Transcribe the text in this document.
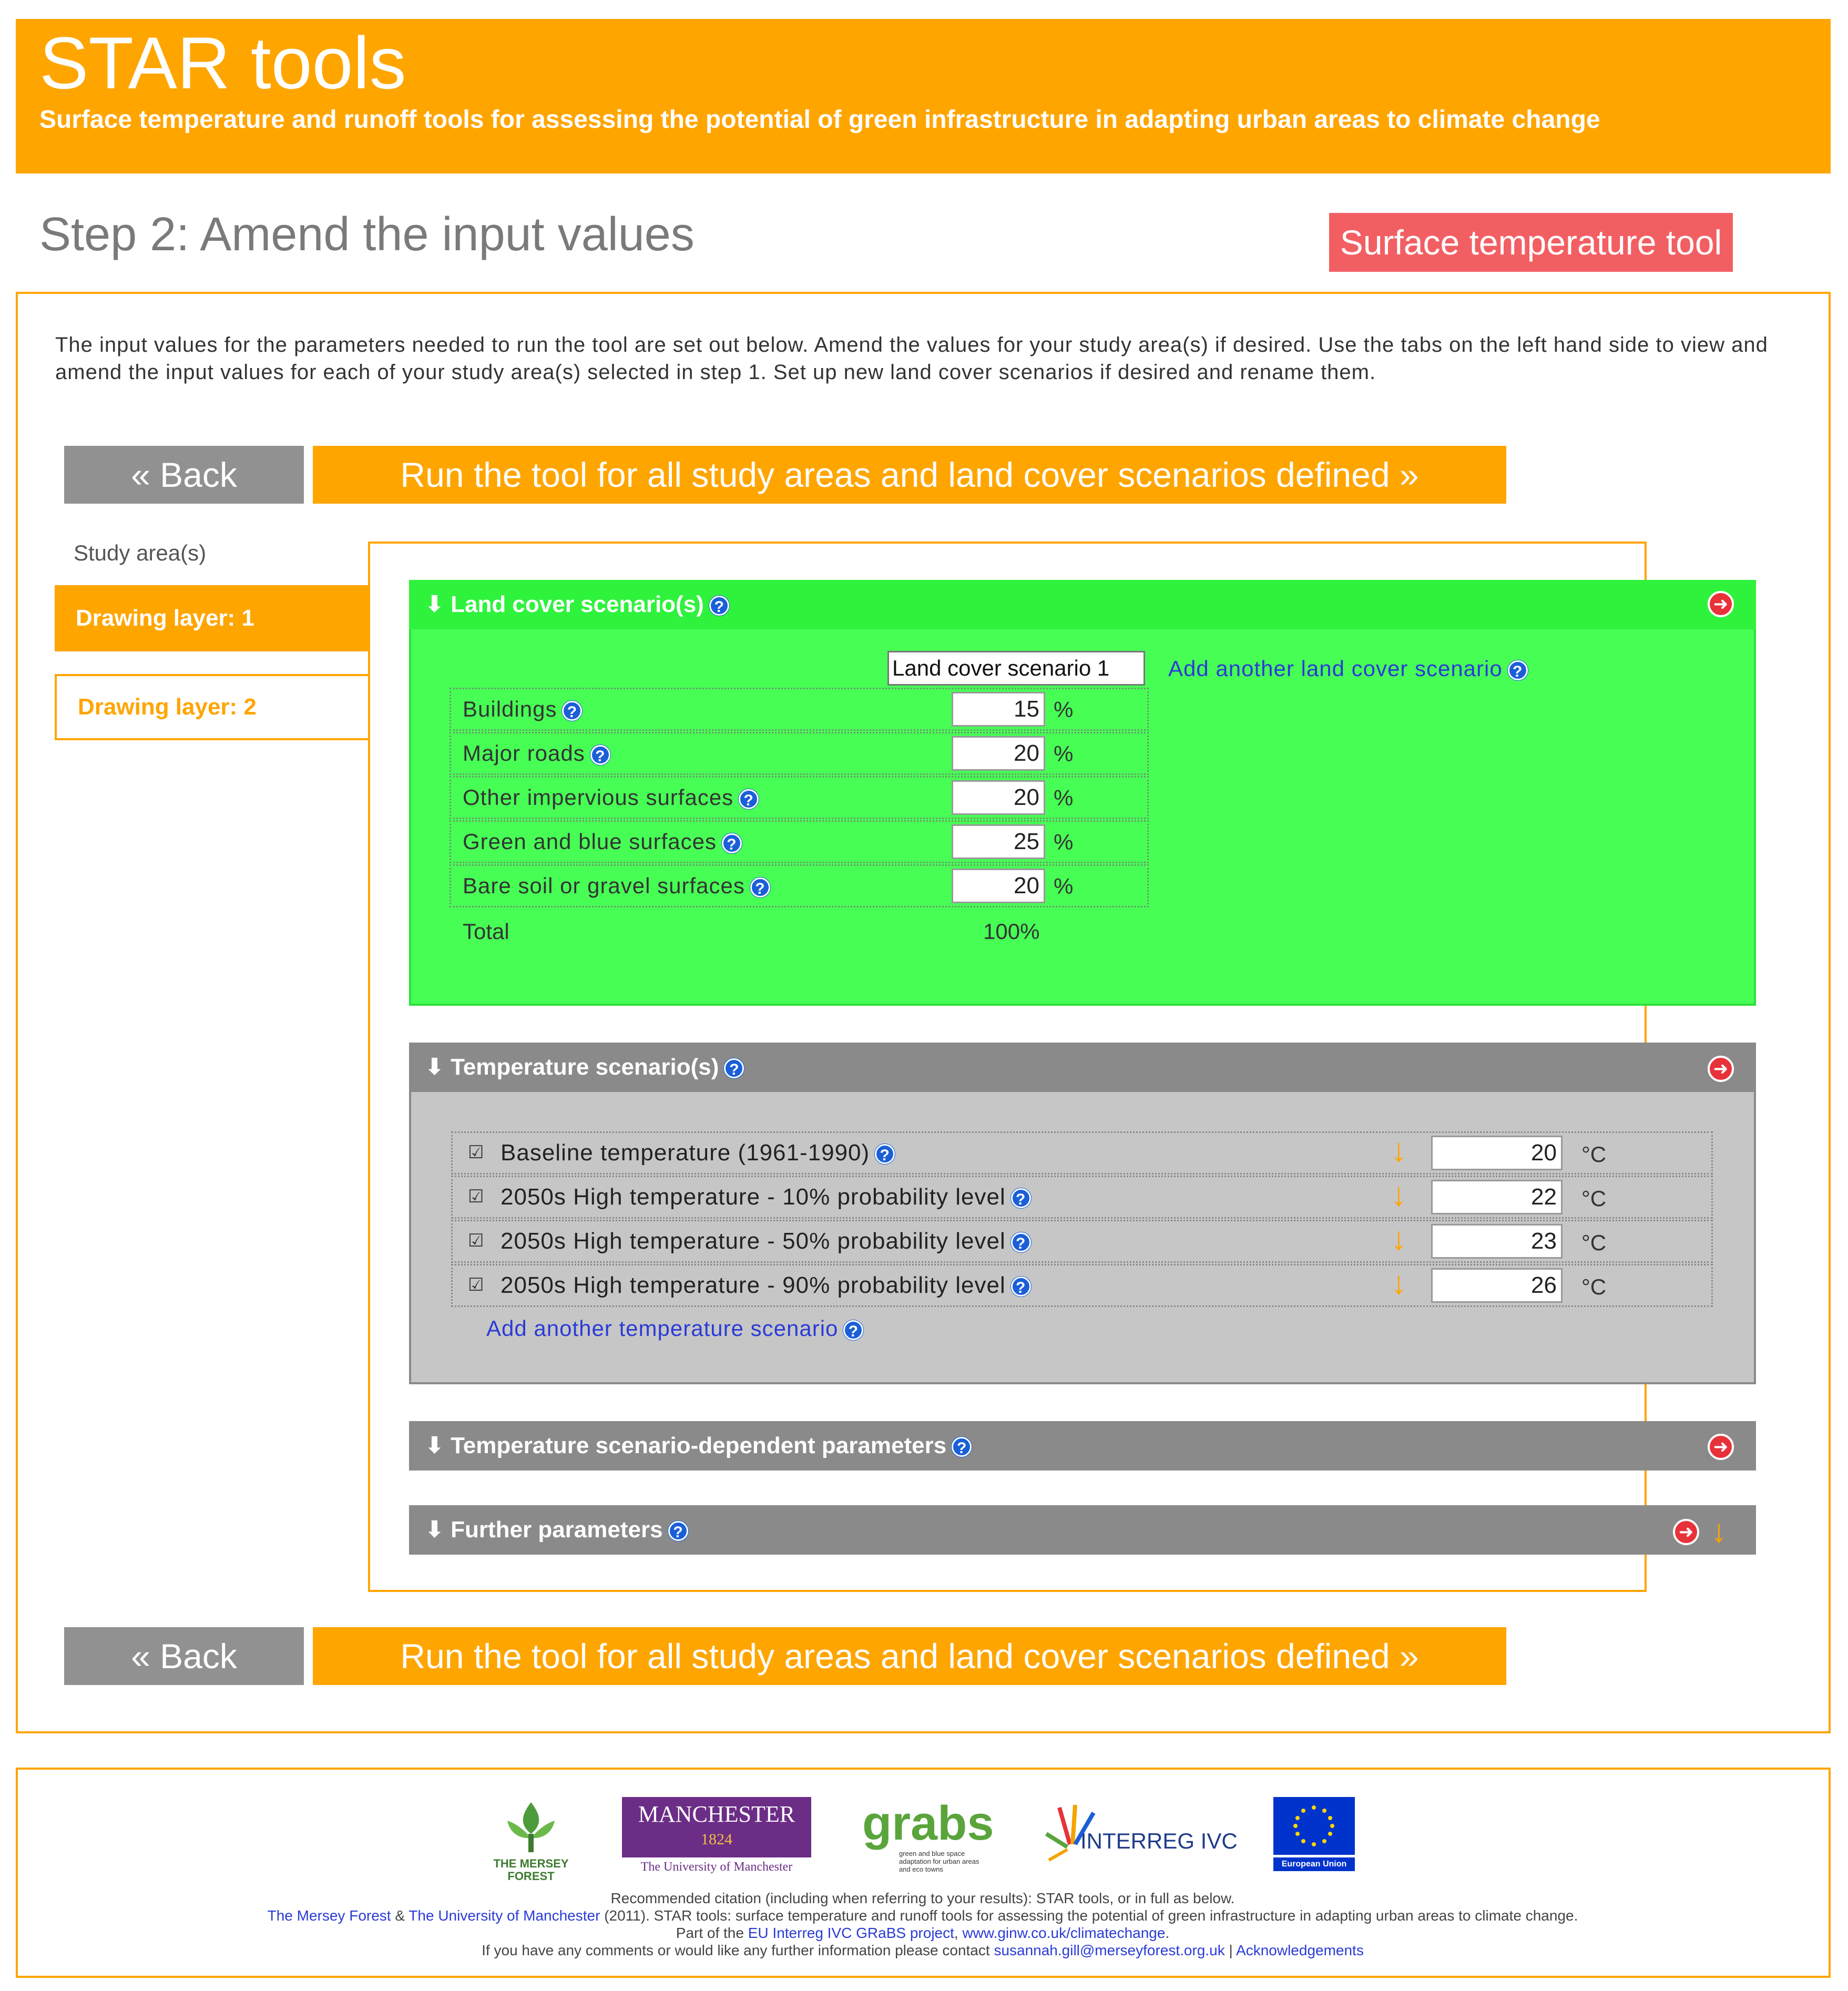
STAR tools
Surface temperature and runoff tools for assessing the potential of green infrastructure in adapting urban areas to climate change
Step 2: Amend the input values	Surface temperature tool
The input values for the parameters needed to run the tool are set out below. Amend the values for your study area(s) if desired. Use the tabs on the left hand side to view and amend the input values for each of your study area(s) selected in step 1. Set up new land cover scenarios if desired and rename them.
« Back	Run the tool for all study areas and land cover scenarios defined »
Study area(s)
Drawing layer: 1
Drawing layer: 2
⬇ Land cover scenario(s) ?	➜
Land cover scenario 1	Add another land cover scenario ?
Buildings ?	15 %
Major roads ?	20 %
Other impervious surfaces ?	20 %
Green and blue surfaces ?	25 %
Bare soil or gravel surfaces ?	20 %
Total	100%
⬇ Temperature scenario(s) ?	➜
☑ Baseline temperature (1961-1990) ?	↓	20 °C
☑ 2050s High temperature - 10% probability level ?	↓	22 °C
☑ 2050s High temperature - 50% probability level ?	↓	23 °C
☑ 2050s High temperature - 90% probability level ?	↓	26 °C
Add another temperature scenario ?
⬇ Temperature scenario-dependent parameters ?	➜
⬇ Further parameters ?	➜ ↓
« Back	Run the tool for all study areas and land cover scenarios defined »
THE MERSEY FOREST
MANCHESTER
1824
The University of Manchester
grabs
green and blue space adaptation for urban areas and eco towns
INTERREG IVC
European Union
Recommended citation (including when referring to your results): STAR tools, or in full as below.
The Mersey Forest & The University of Manchester (2011). STAR tools: surface temperature and runoff tools for assessing the potential of green infrastructure in adapting urban areas to climate change.
Part of the EU Interreg IVC GRaBS project, www.ginw.co.uk/climatechange.
If you have any comments or would like any further information please contact susannah.gill@merseyforest.org.uk | Acknowledgements
